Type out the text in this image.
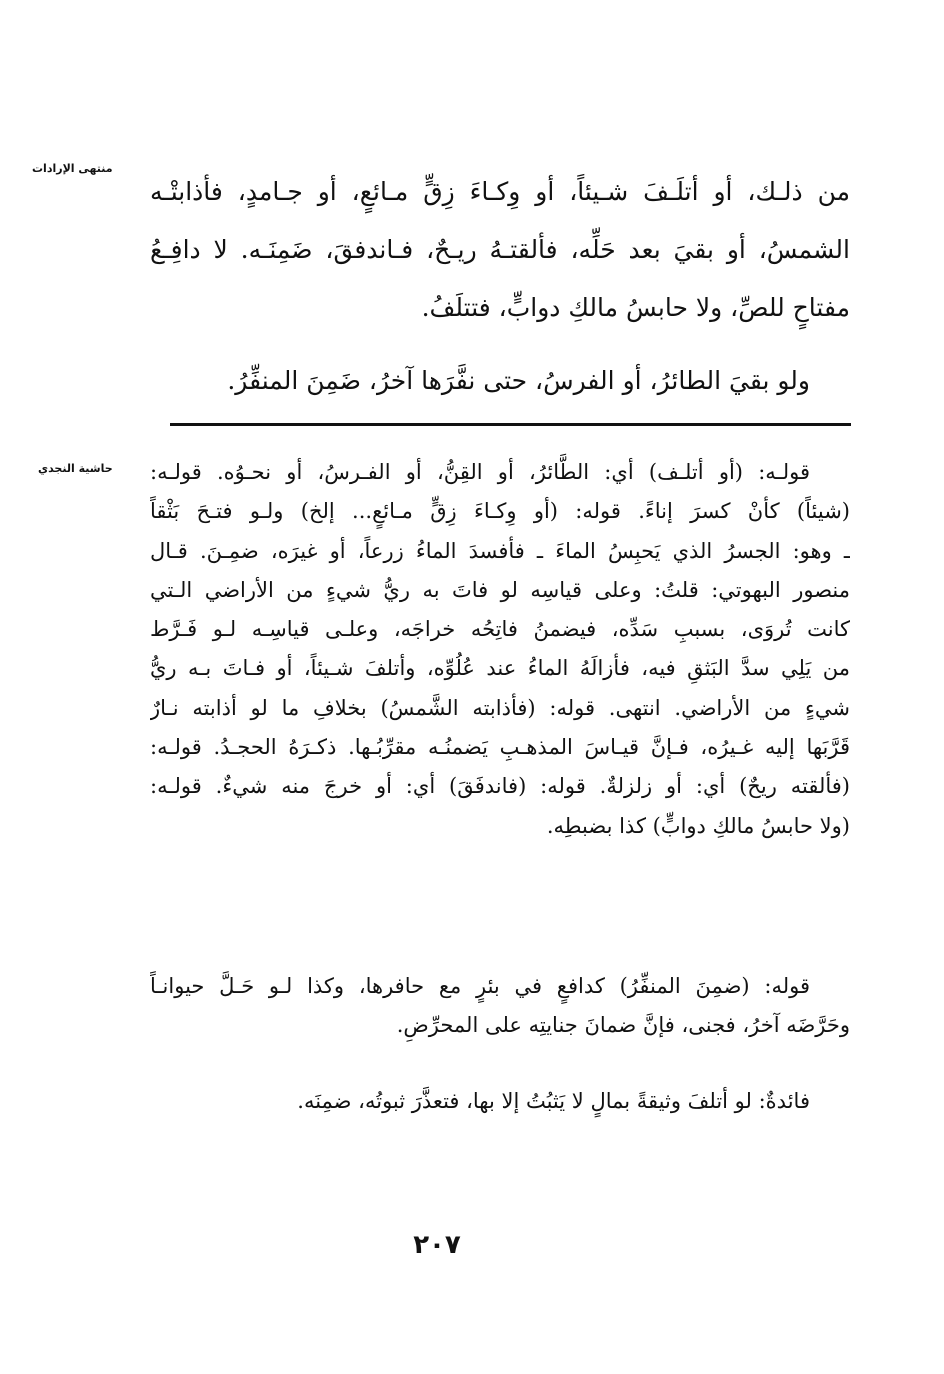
منتهى الإرادات
حاشية النجدي
من ذلـك، أو أتلَـفَ شـيئاً، أو وِكـاءَ زِقٍّ مـائعٍ، أو جـامدٍ، فأذابتْـه
الشمسُ، أو بقيَ بعد حَلِّه، فألقتـهُ ريـحٌ، فـاندفقَ، ضَمِنَـه. لا دافِـعُ
مفتاحٍ للصِّ، ولا حابسُ مالكِ دوابٍّ، فتتلَفُ.
ولو بقيَ الطائرُ، أو الفرسُ، حتى نفَّرَها آخرُ، ضَمِنَ المنفِّرُ.
قولـه: (أو أتلـف) أي: الطَّائرُ، أو القِنُّ، أو الفـرسُ، أو نحـوُه. قولـه:
(شيئاً) كأنْ كسرَ إناءً. قوله: (أو وِكـاءَ زِقٍّ مـائعٍ... إلخ) ولـو فتـحَ بَثْقاً
ـ وهو: الجسرُ الذي يَحبِسُ الماءَ ـ فأفسدَ الماءُ زرعاً، أو غيرَه، ضمِـنَ. قـال
منصور البهوتي: قلتُ: وعلى قياسِه لو فاتَ به ريُّ شيءٍ من الأراضي الـتي
كانت تُروَى، بسببِ سَدِّه، فيضمنُ فاتِحُه خراجَه، وعلـى قياسِـه لـو فَـرَّط
من يَلِي سدَّ البَثقِ فيه، فأزالَهُ الماءُ عند عُلُوِّه، وأتلفَ شـيئاً، أو فـاتَ بـه ريُّ
شيءٍ من الأراضي. انتهى. قوله: (فأذابته الشَّمسُ) بخلافِ ما لو أذابته نـارٌ
قَرَّبَها إليه غـيرُه، فـإنَّ قيـاسَ المذهـبِ يَضمنُـه مقرِّبُـها. ذكـرَهُ الحجـدُ. قولـه:
(فألقته ريحٌ) أي: أو زلزلةٌ. قوله: (فاندفَقَ) أي: أو خرجَ منه شيءٌ. قولـه:
(ولا حابسُ مالكِ دوابٍّ) كذا بضبطِه.
قوله: (ضمِنَ المنفِّرُ) كدافعٍ في بئرٍ مع حافرها، وكذا لـو حَـلَّ حيوانـاً
وحَرَّضَه آخرُ، فجنى، فإنَّ ضمانَ جنايتِه على المحرِّضِ.
فائدةٌ: لو أتلفَ وثيقةً بمالٍ لا يَثبُتُ إلا بها، فتعذَّرَ ثبوتُه، ضمِنَه.
٢٠٧
